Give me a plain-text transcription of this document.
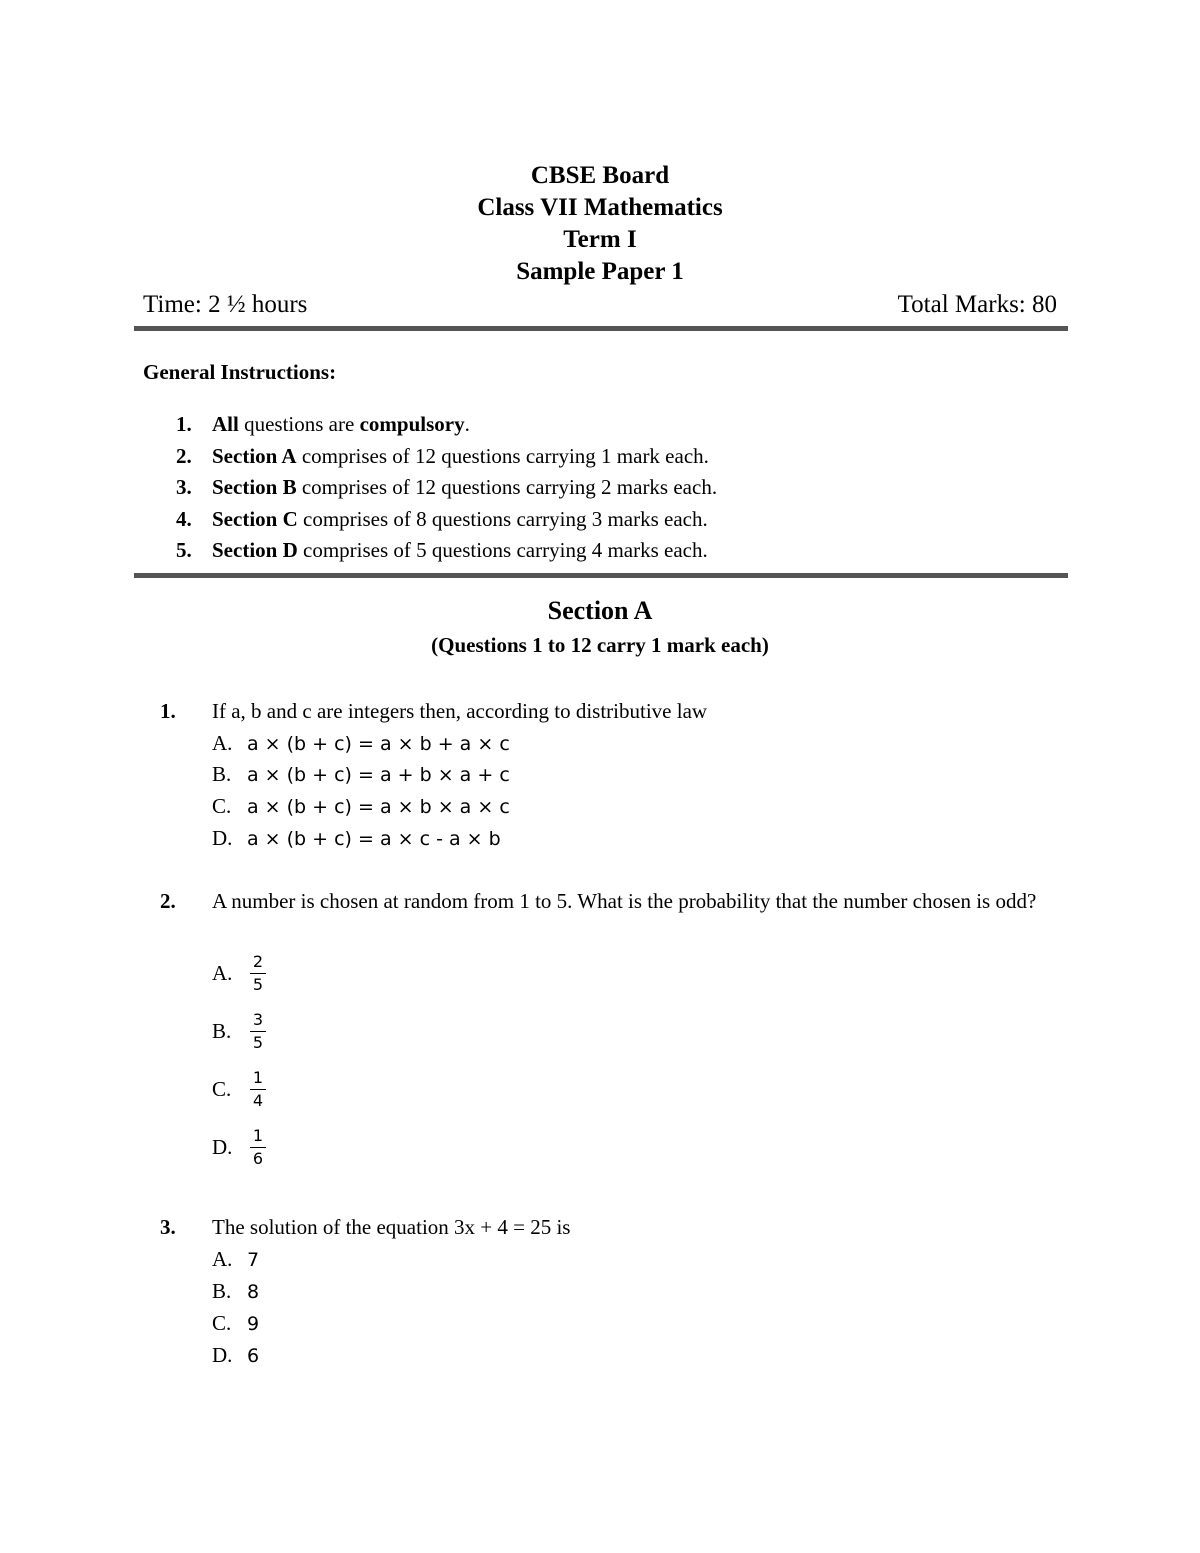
CBSE Board
Class VII Mathematics
Term I
Sample Paper 1
Time: 2 ½ hours	Total Marks: 80
General Instructions:
1. All questions are compulsory.
2. Section A comprises of 12 questions carrying 1 mark each.
3. Section B comprises of 12 questions carrying 2 marks each.
4. Section C comprises of 8 questions carrying 3 marks each.
5. Section D comprises of 5 questions carrying 4 marks each.
Section A
(Questions 1 to 12 carry 1 mark each)
1. If a, b and c are integers then, according to distributive law
A. a × (b + c) = a × b + a × c
B. a × (b + c) = a + b × a + c
C. a × (b + c) = a × b × a × c
D. a × (b + c) = a × c - a × b
2. A number is chosen at random from 1 to 5. What is the probability that the number chosen is odd?
A. 2
5
B. 3
5
C. 1
4
D. 1
6
3. The solution of the equation 3x + 4 = 25 is
A. 7
B. 8
C. 9
D. 6
